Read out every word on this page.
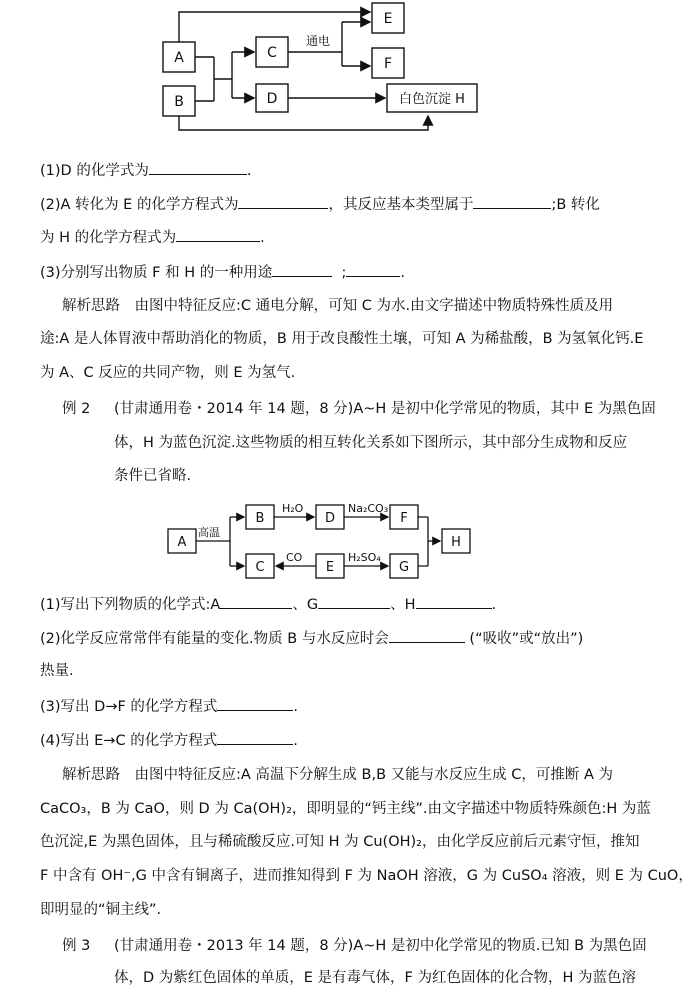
A
B
C
D
E
F
白色沉淀 H
通电
(1)D 的化学式为	.
(2)A 转化为 E 的化学方程式为	，其反应基本类型属于	;B 转化
为 H 的化学方程式为	.
(3)分别写出物质 F 和 H 的一种用途	;	.
解析思路　由图中特征反应:C 通电分解，可知 C 为水.由文字描述中物质特殊性质及用
途:A 是人体胃液中帮助消化的物质，B 用于改良酸性土壤，可知 A 为稀盐酸，B 为氢氧化钙.E
为 A、C 反应的共同产物，则 E 为氢气.
例 2	(甘肃通用卷・2014 年 14 题，8 分)A~H 是初中化学常见的物质，其中 E 为黑色固
体，H 为蓝色沉淀.这些物质的相互转化关系如下图所示，其中部分生成物和反应
条件已省略.
A
B	D	F
C	E	G
H
高温
H₂O	Na₂CO₃
CO	H₂SO₄
(1)写出下列物质的化学式:A	、G	、H	.
(2)化学反应常常伴有能量的变化.物质 B 与水反应时会	(“吸收”或“放出”)
热量.
(3)写出 D→F 的化学方程式	.
(4)写出 E→C 的化学方程式	.
解析思路　由图中特征反应:A 高温下分解生成 B,B 又能与水反应生成 C，可推断 A 为
CaCO₃，B 为 CaO，则 D 为 Ca(OH)₂，即明显的“钙主线”.由文字描述中物质特殊颜色:H 为蓝
色沉淀,E 为黑色固体，且与稀硫酸反应.可知 H 为 Cu(OH)₂，由化学反应前后元素守恒，推知
F 中含有 OH⁻,G 中含有铜离子，进而推知得到 F 为 NaOH 溶液，G 为 CuSO₄ 溶液，则 E 为 CuO，
即明显的“铜主线”.
例 3	(甘肃通用卷・2013 年 14 题，8 分)A~H 是初中化学常见的物质.已知 B 为黑色固
体，D 为紫红色固体的单质，E 是有毒气体，F 为红色固体的化合物，H 为蓝色溶
